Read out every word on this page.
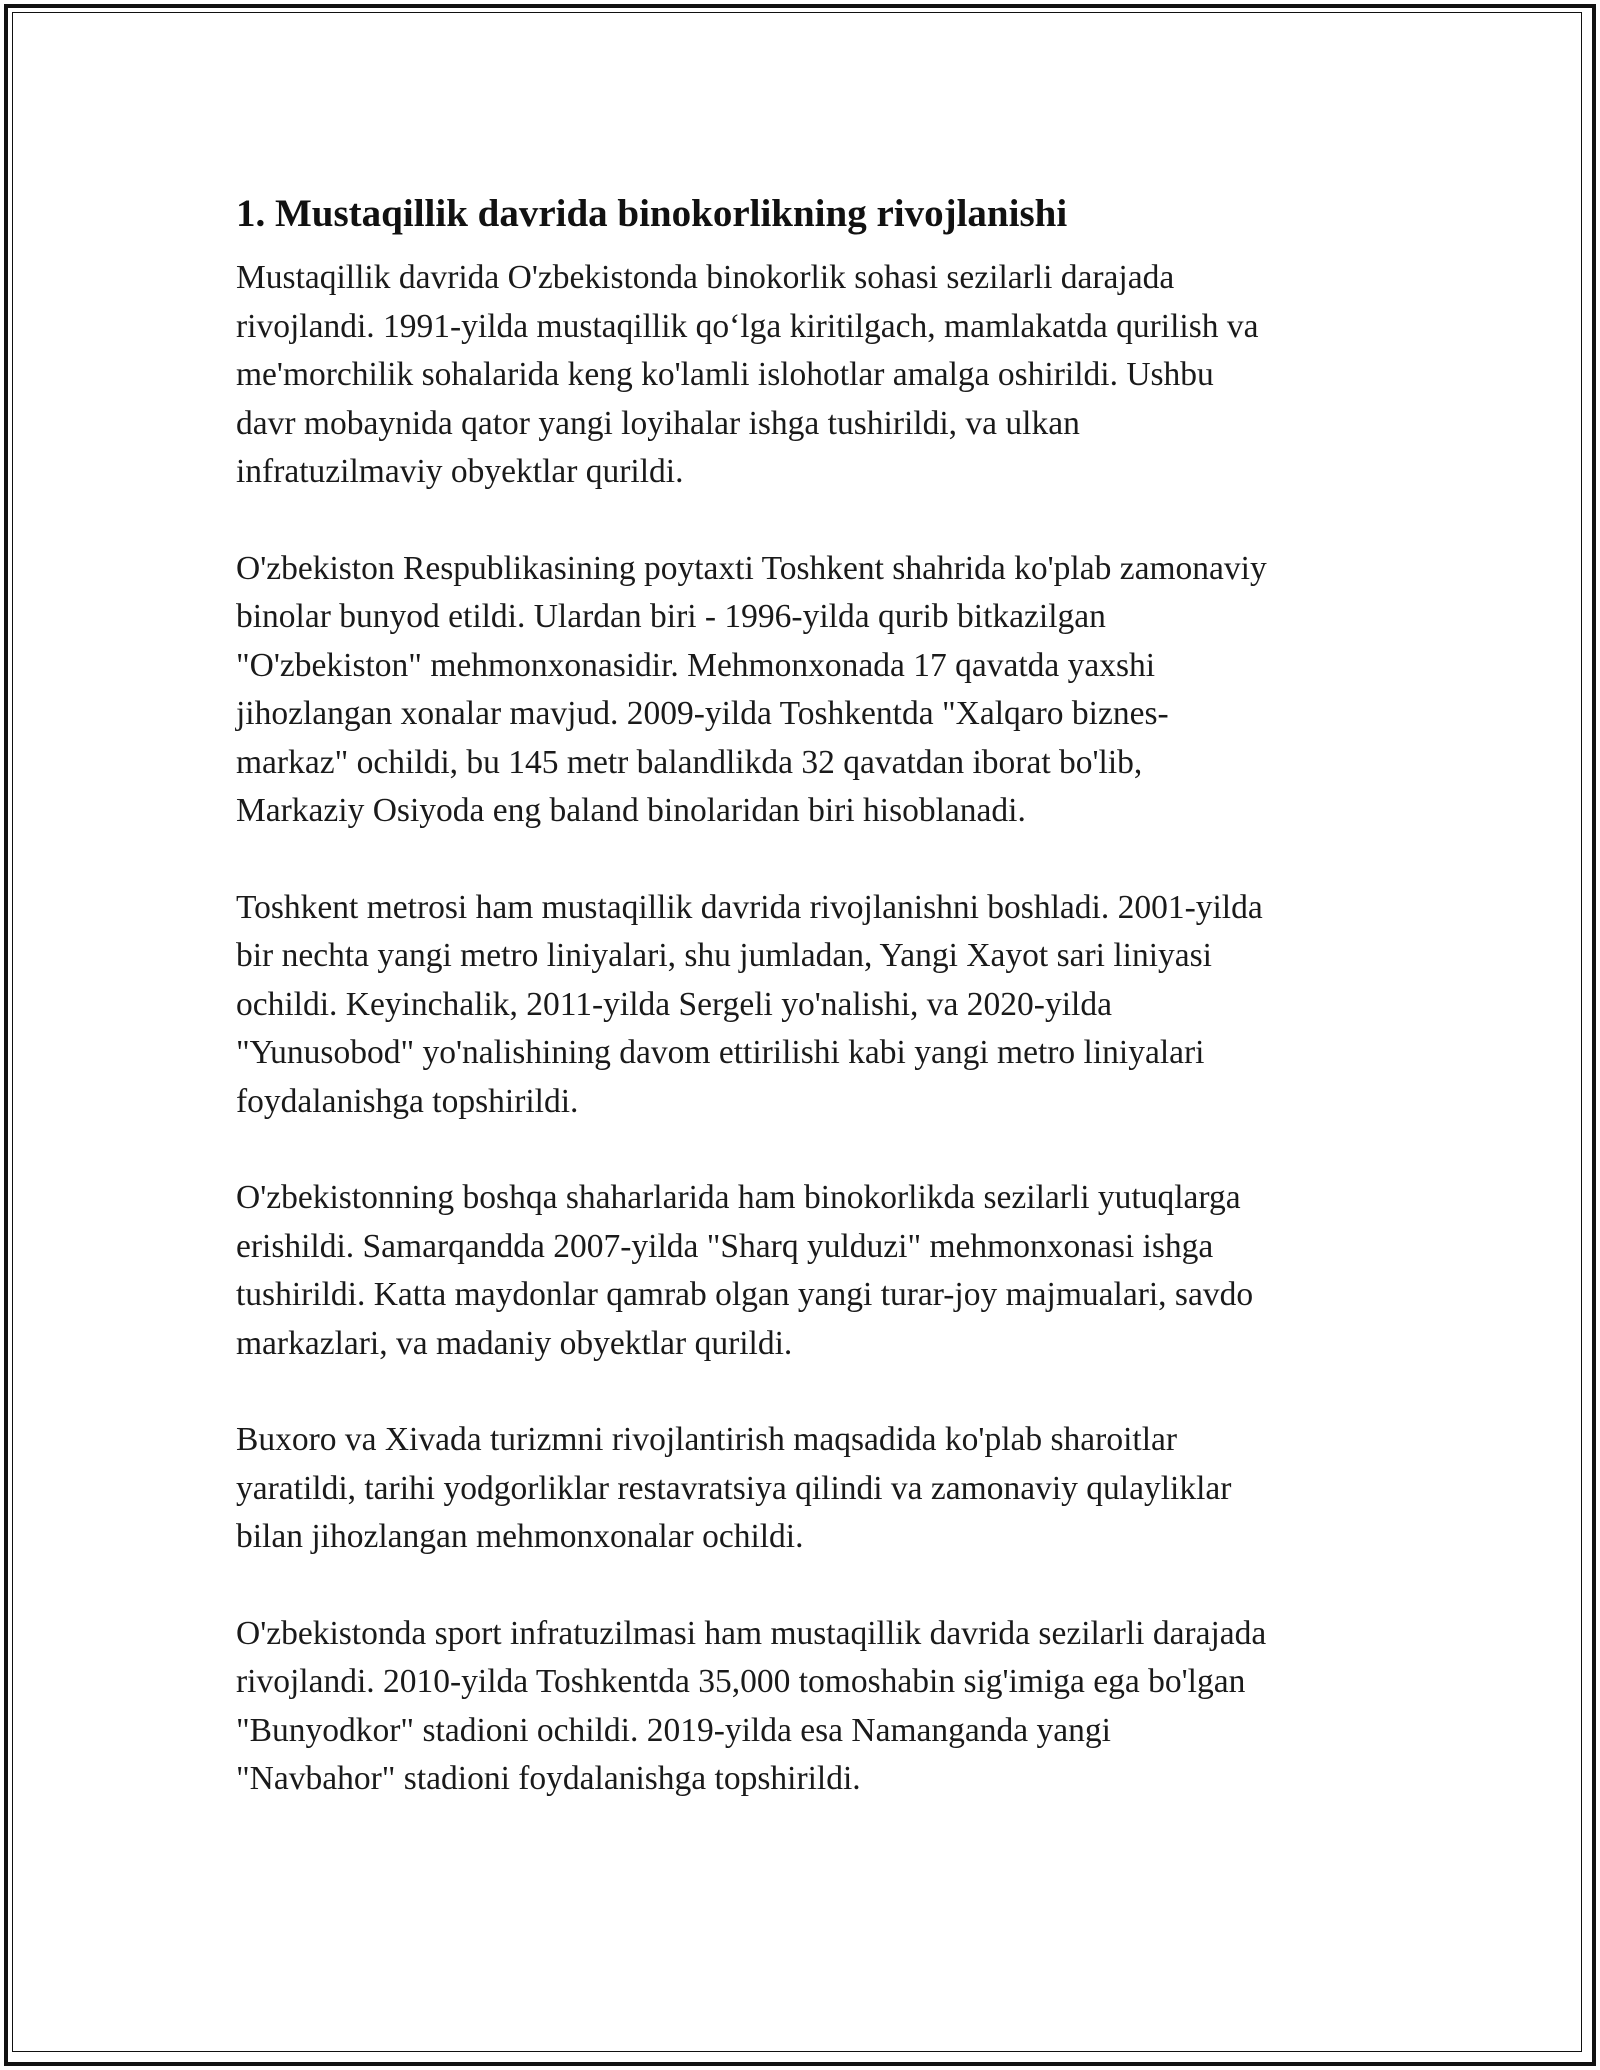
1. Mustaqillik davrida binokorlikning rivojlanishi

Mustaqillik davrida O'zbekistonda binokorlik sohasi sezilarli darajada
rivojlandi. 1991-yilda mustaqillik qo‘lga kiritilgach, mamlakatda qurilish va
me'morchilik sohalarida keng ko'lamli islohotlar amalga oshirildi. Ushbu
davr mobaynida qator yangi loyihalar ishga tushirildi, va ulkan
infratuzilmaviy obyektlar qurildi.

O'zbekiston Respublikasining poytaxti Toshkent shahrida ko'plab zamonaviy
binolar bunyod etildi. Ulardan biri - 1996-yilda qurib bitkazilgan
"O'zbekiston" mehmonxonasidir. Mehmonxonada 17 qavatda yaxshi
jihozlangan xonalar mavjud. 2009-yilda Toshkentda "Xalqaro biznes-
markaz" ochildi, bu 145 metr balandlikda 32 qavatdan iborat bo'lib,
Markaziy Osiyoda eng baland binolaridan biri hisoblanadi.

Toshkent metrosi ham mustaqillik davrida rivojlanishni boshladi. 2001-yilda
bir nechta yangi metro liniyalari, shu jumladan, Yangi Xayot sari liniyasi
ochildi. Keyinchalik, 2011-yilda Sergeli yo'nalishi, va 2020-yilda
"Yunusobod" yo'nalishining davom ettirilishi kabi yangi metro liniyalari
foydalanishga topshirildi.

O'zbekistonning boshqa shaharlarida ham binokorlikda sezilarli yutuqlarga
erishildi. Samarqandda 2007-yilda "Sharq yulduzi" mehmonxonasi ishga
tushirildi. Katta maydonlar qamrab olgan yangi turar-joy majmualari, savdo
markazlari, va madaniy obyektlar qurildi.

Buxoro va Xivada turizmni rivojlantirish maqsadida ko'plab sharoitlar
yaratildi, tarihi yodgorliklar restavratsiya qilindi va zamonaviy qulayliklar
bilan jihozlangan mehmonxonalar ochildi.

O'zbekistonda sport infratuzilmasi ham mustaqillik davrida sezilarli darajada
rivojlandi. 2010-yilda Toshkentda 35,000 tomoshabin sig'imiga ega bo'lgan
"Bunyodkor" stadioni ochildi. 2019-yilda esa Namanganda yangi
"Navbahor" stadioni foydalanishga topshirildi.
